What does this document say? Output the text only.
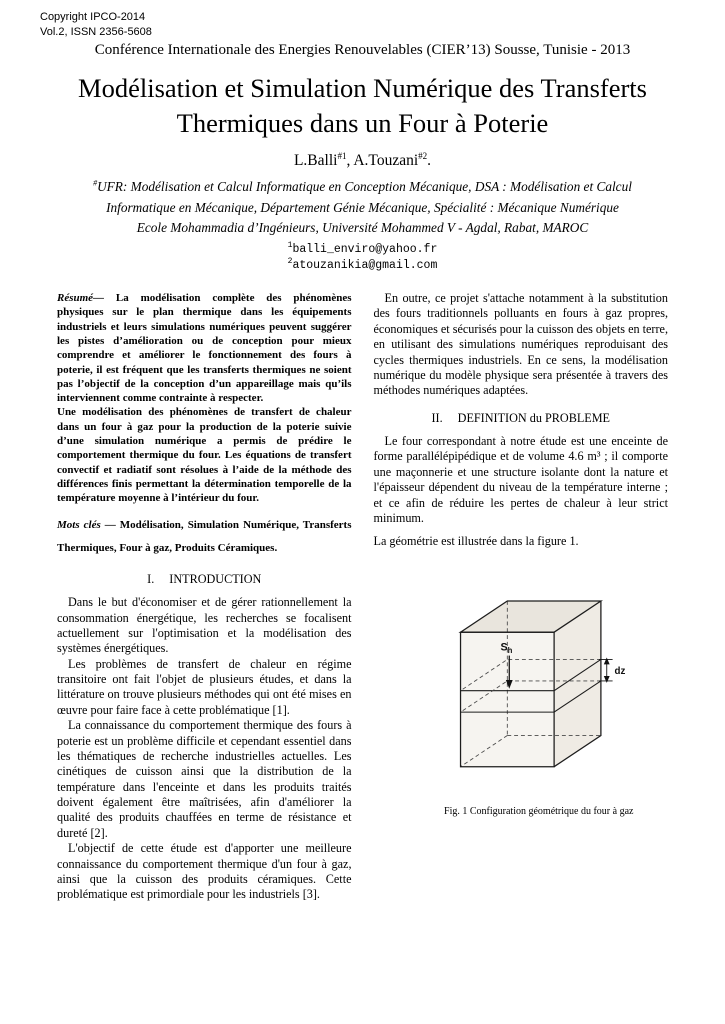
Copyright IPCO-2014
Vol.2, ISSN 2356-5608
Conférence Internationale des Energies Renouvelables (CIER’13) Sousse, Tunisie - 2013
Modélisation et Simulation Numérique des Transferts
Thermiques dans un Four à Poterie
L.Balli$^{\#1}$, A.Touzani$^{\#2}$.
#UFR: Modélisation et Calcul Informatique en Conception Mécanique, DSA : Modélisation et Calcul
Informatique en Mécanique, Département Génie Mécanique, Spécialité : Mécanique Numérique
Ecole Mohammadia d’Ingénieurs, Université Mohammed V - Agdal, Rabat, MAROC
$^1$balli_enviro@yahoo.fr
$^2$atouzanikia@gmail.com

Résumé— La modélisation complète des phénomènes physiques sur le plan thermique dans les équipements industriels et leurs simulations numériques peuvent suggérer les pistes d’amélioration ou de conception pour mieux comprendre et améliorer le fonctionnement des fours à poterie, il est fréquent que les transferts thermiques ne soient pas l’objectif de la conception d’un appareillage mais qu’ils interviennent comme contrainte à respecter.

Une modélisation des phénomènes de transfert de chaleur dans un four à gaz pour la production de la poterie suivie d’une simulation numérique a permis de prédire le comportement thermique du four. Les équations de transfert convectif et radiatif sont résolues à l’aide de la méthode des différences finis permettant la détermination temporelle de la température moyenne à l’intérieur du four.

Mots clés — Modélisation, Simulation Numérique, Transferts Thermiques, Four à gaz, Produits Céramiques.

I. INTRODUCTION

Dans le but d'économiser et de gérer rationnellement la consommation énergétique, les recherches se focalisent actuellement sur l'optimisation et la modélisation des systèmes énergétiques.

Les problèmes de transfert de chaleur en régime transitoire ont fait l'objet de plusieurs études, et dans la littérature on trouve plusieurs méthodes qui ont été mises en œuvre pour faire face à cette problématique [1].

La connaissance du comportement thermique des fours à poterie est un problème difficile et cependant essentiel dans les thématiques de recherche industrielles actuelles. Les cinétiques de cuisson ainsi que la distribution de la température dans l'enceinte et dans les produits traités doivent également être maîtrisées, afin d'améliorer la qualité des produits chauffées en terme de résistance et dureté [2].

L'objectif de cette étude est d'apporter une meilleure connaissance du comportement thermique d'un four à gaz, ainsi que la cuisson des produits céramiques. Cette problématique est primordiale pour les industriels [3].

En outre, ce projet s'attache notamment à la substitution des fours traditionnels polluants en fours à gaz propres, économiques et sécurisés pour la cuisson des objets en terre, en utilisant des simulations numériques reproduisant des cycles thermiques industriels. En ce sens, la modélisation numérique du modèle physique sera présentée à travers des méthodes numériques adaptées.

II. DEFINITION du PROBLEME

Le four correspondant à notre étude est une enceinte de forme parallélépipédique et de volume 4.6 m³ ; il comporte une maçonnerie et une structure isolante dont la nature et l'épaisseur dépendent du niveau de la température interne ; et ce afin de réduire les pertes de chaleur à leur strict minimum.

La géométrie est illustrée dans la figure 1.

$S_h$
dz
Fig. 1 Configuration géométrique du four à gaz
